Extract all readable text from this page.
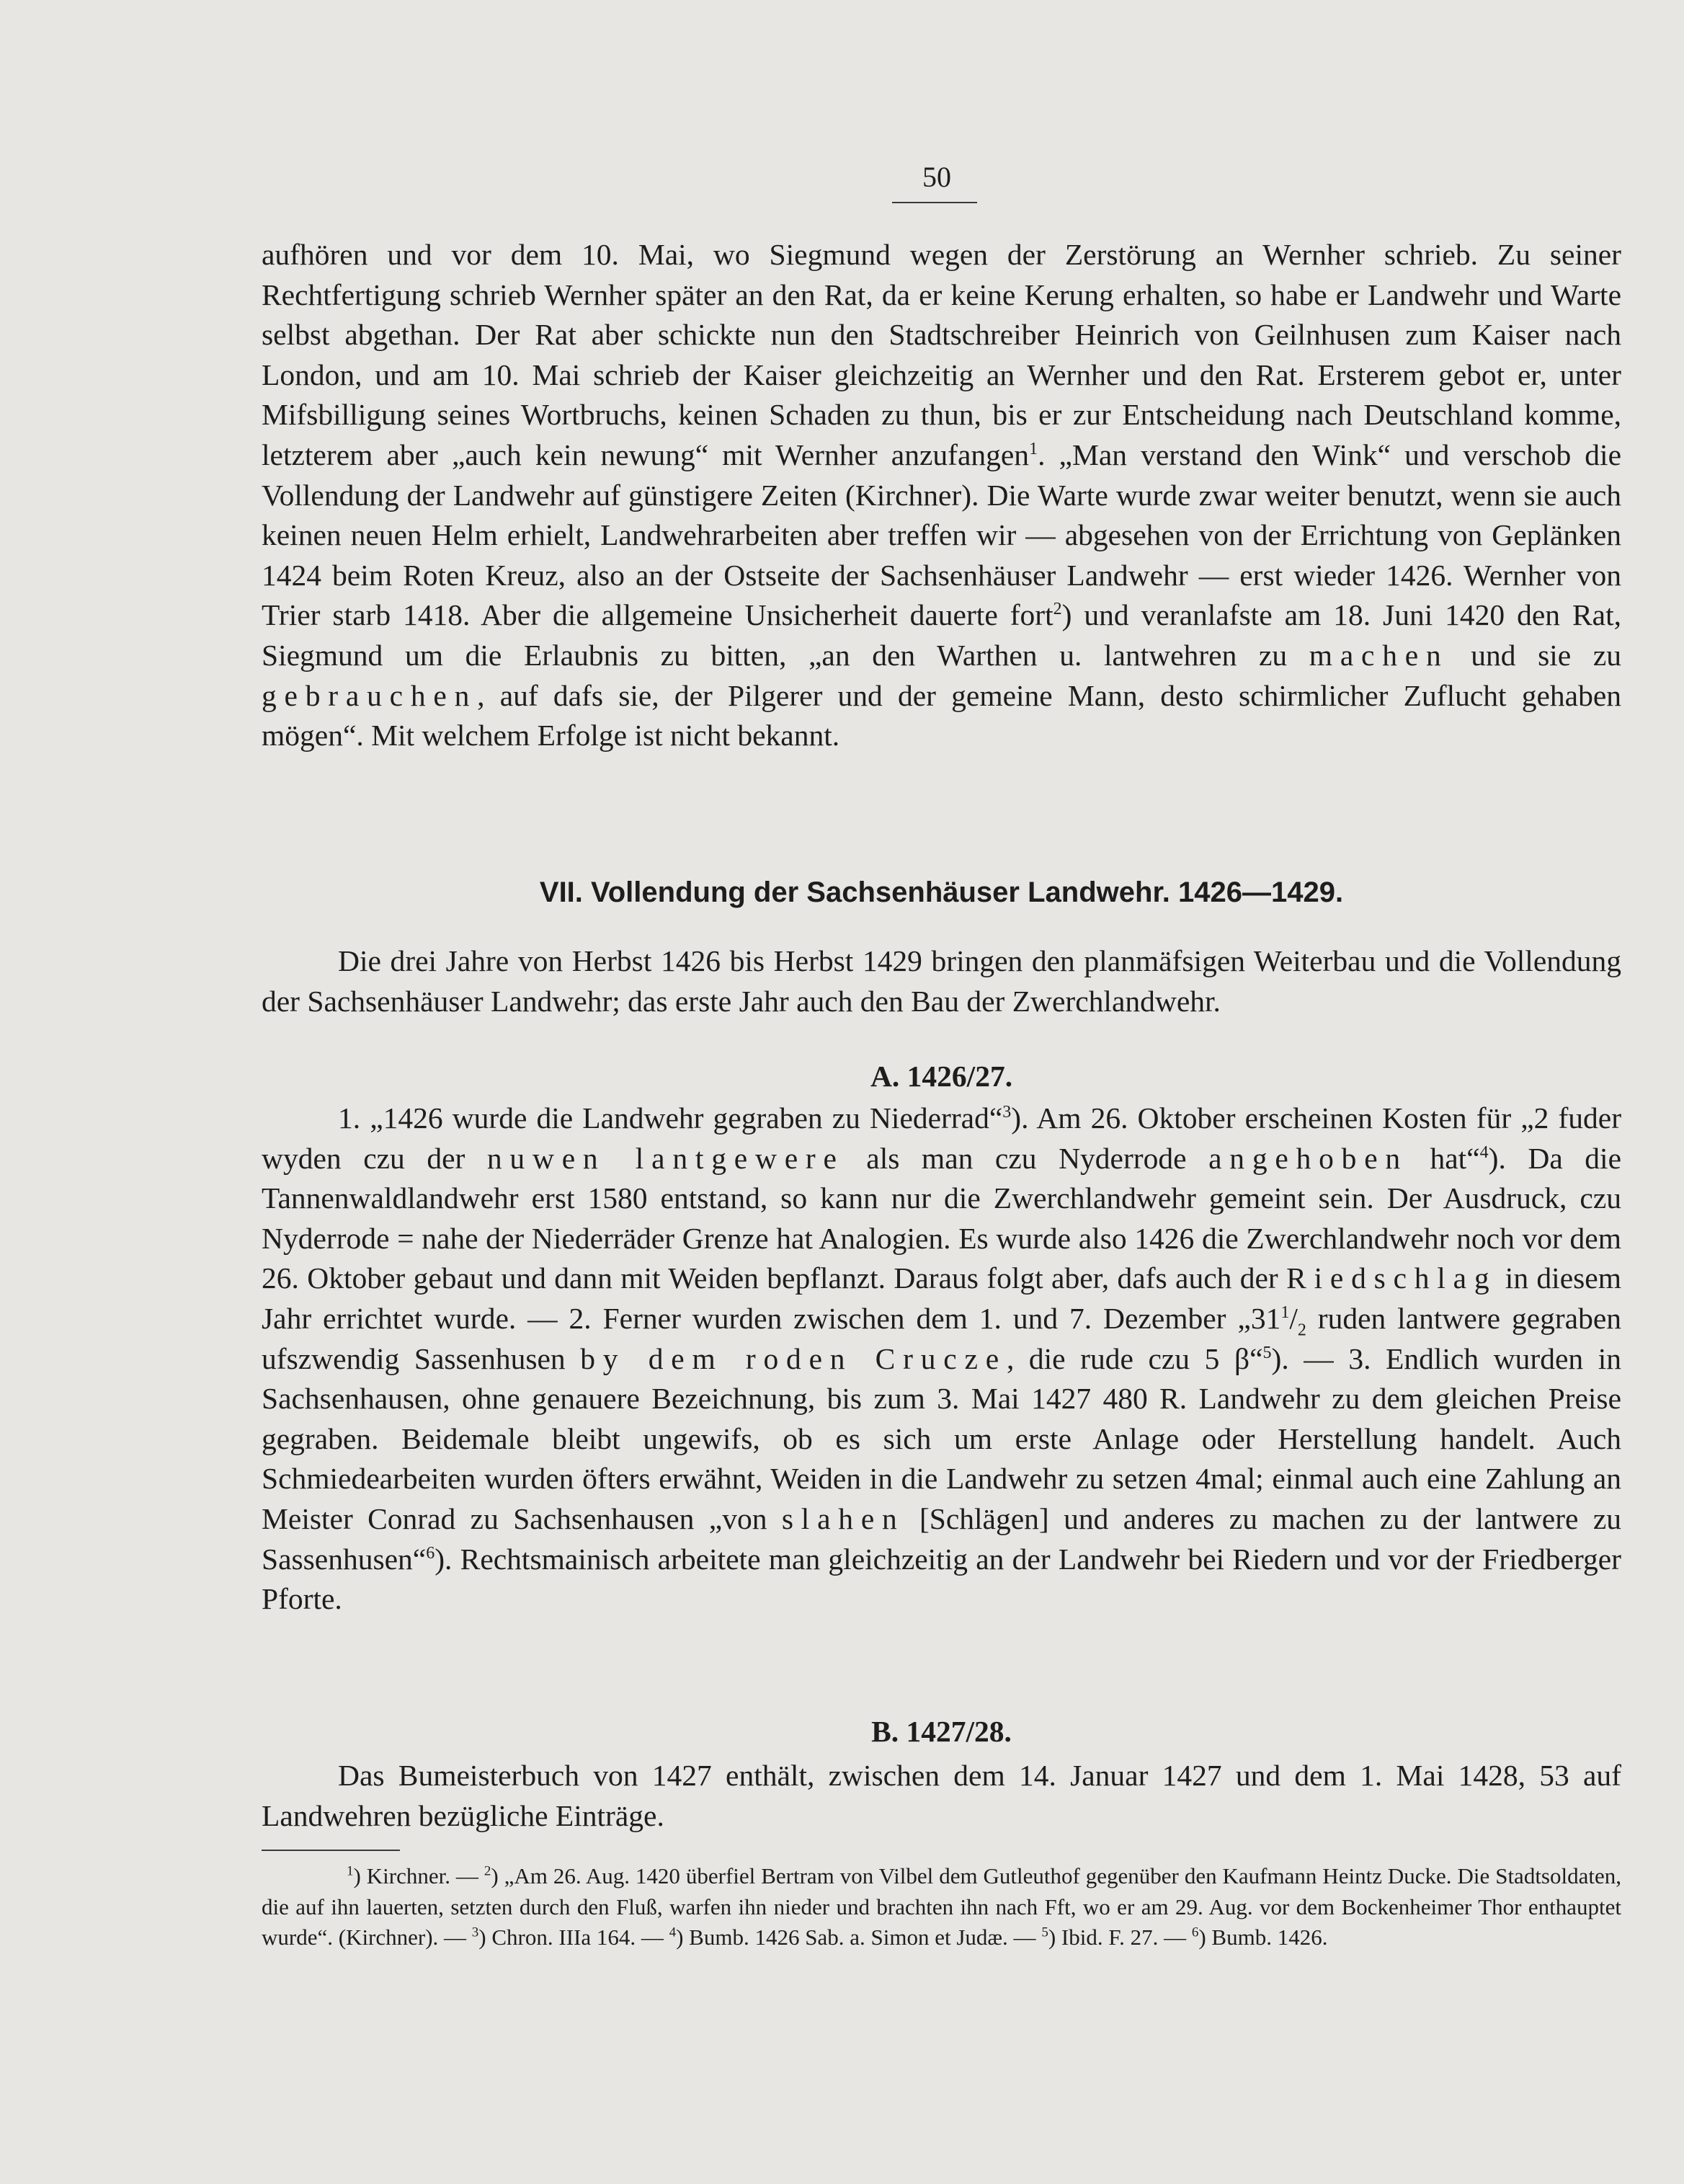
50

aufhören und vor dem 10. Mai, wo Siegmund wegen der Zerstörung an Wernher schrieb. Zu seiner Rechtfertigung schrieb Wernher später an den Rat, da er keine Kerung erhalten, so habe er Landwehr und Warte selbst abgethan. Der Rat aber schickte nun den Stadtschreiber Heinrich von Geilnhusen zum Kaiser nach London, und am 10. Mai schrieb der Kaiser gleichzeitig an Wernher und den Rat. Ersterem gebot er, unter Mifsbilligung seines Wortbruchs, keinen Schaden zu thun, bis er zur Entscheidung nach Deutschland komme, letzterem aber „auch kein newung“ mit Wernher anzufangen$^1$. „Man verstand den Wink“ und verschob die Vollendung der Landwehr auf günstigere Zeiten (Kirchner). Die Warte wurde zwar weiter benutzt, wenn sie auch keinen neuen Helm erhielt, Landwehrarbeiten aber treffen wir — abgesehen von der Errichtung von Geplänken 1424 beim Roten Kreuz, also an der Ostseite der Sachsenhäuser Landwehr — erst wieder 1426. Wernher von Trier starb 1418. Aber die allgemeine Unsicherheit dauerte fort$^2$) und veranlafste am 18. Juni 1420 den Rat, Siegmund um die Erlaubnis zu bitten, „an den Warthen u. lantwehren zu machen und sie zu gebrauchen, auf dafs sie, der Pilgerer und der gemeine Mann, desto schirmlicher Zuflucht gehaben mögen“. Mit welchem Erfolge ist nicht bekannt.

VII. Vollendung der Sachsenhäuser Landwehr. 1426—1429.

Die drei Jahre von Herbst 1426 bis Herbst 1429 bringen den planmäfsigen Weiterbau und die Vollendung der Sachsenhäuser Landwehr; das erste Jahr auch den Bau der Zwerchlandwehr.

A. 1426/27.

1. „1426 wurde die Landwehr gegraben zu Niederrad“$^3$). Am 26. Oktober erscheinen Kosten für „2 fuder wyden czu der nuwen lantgewere als man czu Nyderrode angehoben hat“$^4$). Da die Tannenwaldlandwehr erst 1580 entstand, so kann nur die Zwerchlandwehr gemeint sein. Der Ausdruck, czu Nyderrode = nahe der Niederräder Grenze hat Analogien. Es wurde also 1426 die Zwerchlandwehr noch vor dem 26. Oktober gebaut und dann mit Weiden bepflanzt. Daraus folgt aber, dafs auch der Riedschlag in diesem Jahr errichtet wurde. — 2. Ferner wurden zwischen dem 1. und 7. Dezember $„31^1/_2$ ruden lantwere gegraben ufszwendig Sassenhusen by dem roden Crucze, die rude czu 5 β“$^5$). — 3. Endlich wurden in Sachsenhausen, ohne genauere Bezeichnung, bis zum 3. Mai 1427 480 R. Landwehr zu dem gleichen Preise gegraben. Beidemale bleibt ungewifs, ob es sich um erste Anlage oder Herstellung handelt. Auch Schmiedearbeiten wurden öfters erwähnt, Weiden in die Landwehr zu setzen 4mal; einmal auch eine Zahlung an Meister Conrad zu Sachsenhausen „von slahen [Schlägen] und anderes zu machen zu der lantwere zu Sassenhusen“$^6$). Rechtsmainisch arbeitete man gleichzeitig an der Landwehr bei Riedern und vor der Friedberger Pforte.

B. 1427/28.

Das Bumeisterbuch von 1427 enthält, zwischen dem 14. Januar 1427 und dem 1. Mai 1428, 53 auf Landwehren bezügliche Einträge.

$^1$) Kirchner. — $^2$) „Am 26. Aug. 1420 überfiel Bertram von Vilbel dem Gutleuthof gegenüber den Kaufmann Heintz Ducke. Die Stadtsoldaten, die auf ihn lauerten, setzten durch den Fluß, warfen ihn nieder und brachten ihn nach Fft, wo er am 29. Aug. vor dem Bockenheimer Thor enthauptet wurde“. (Kirchner). — $^3$) Chron. IIIa 164. — $^4$) Bumb. 1426 Sab. a. Simon et Judæ. — $^5$) Ibid. F. 27. — $^6$) Bumb. 1426.
